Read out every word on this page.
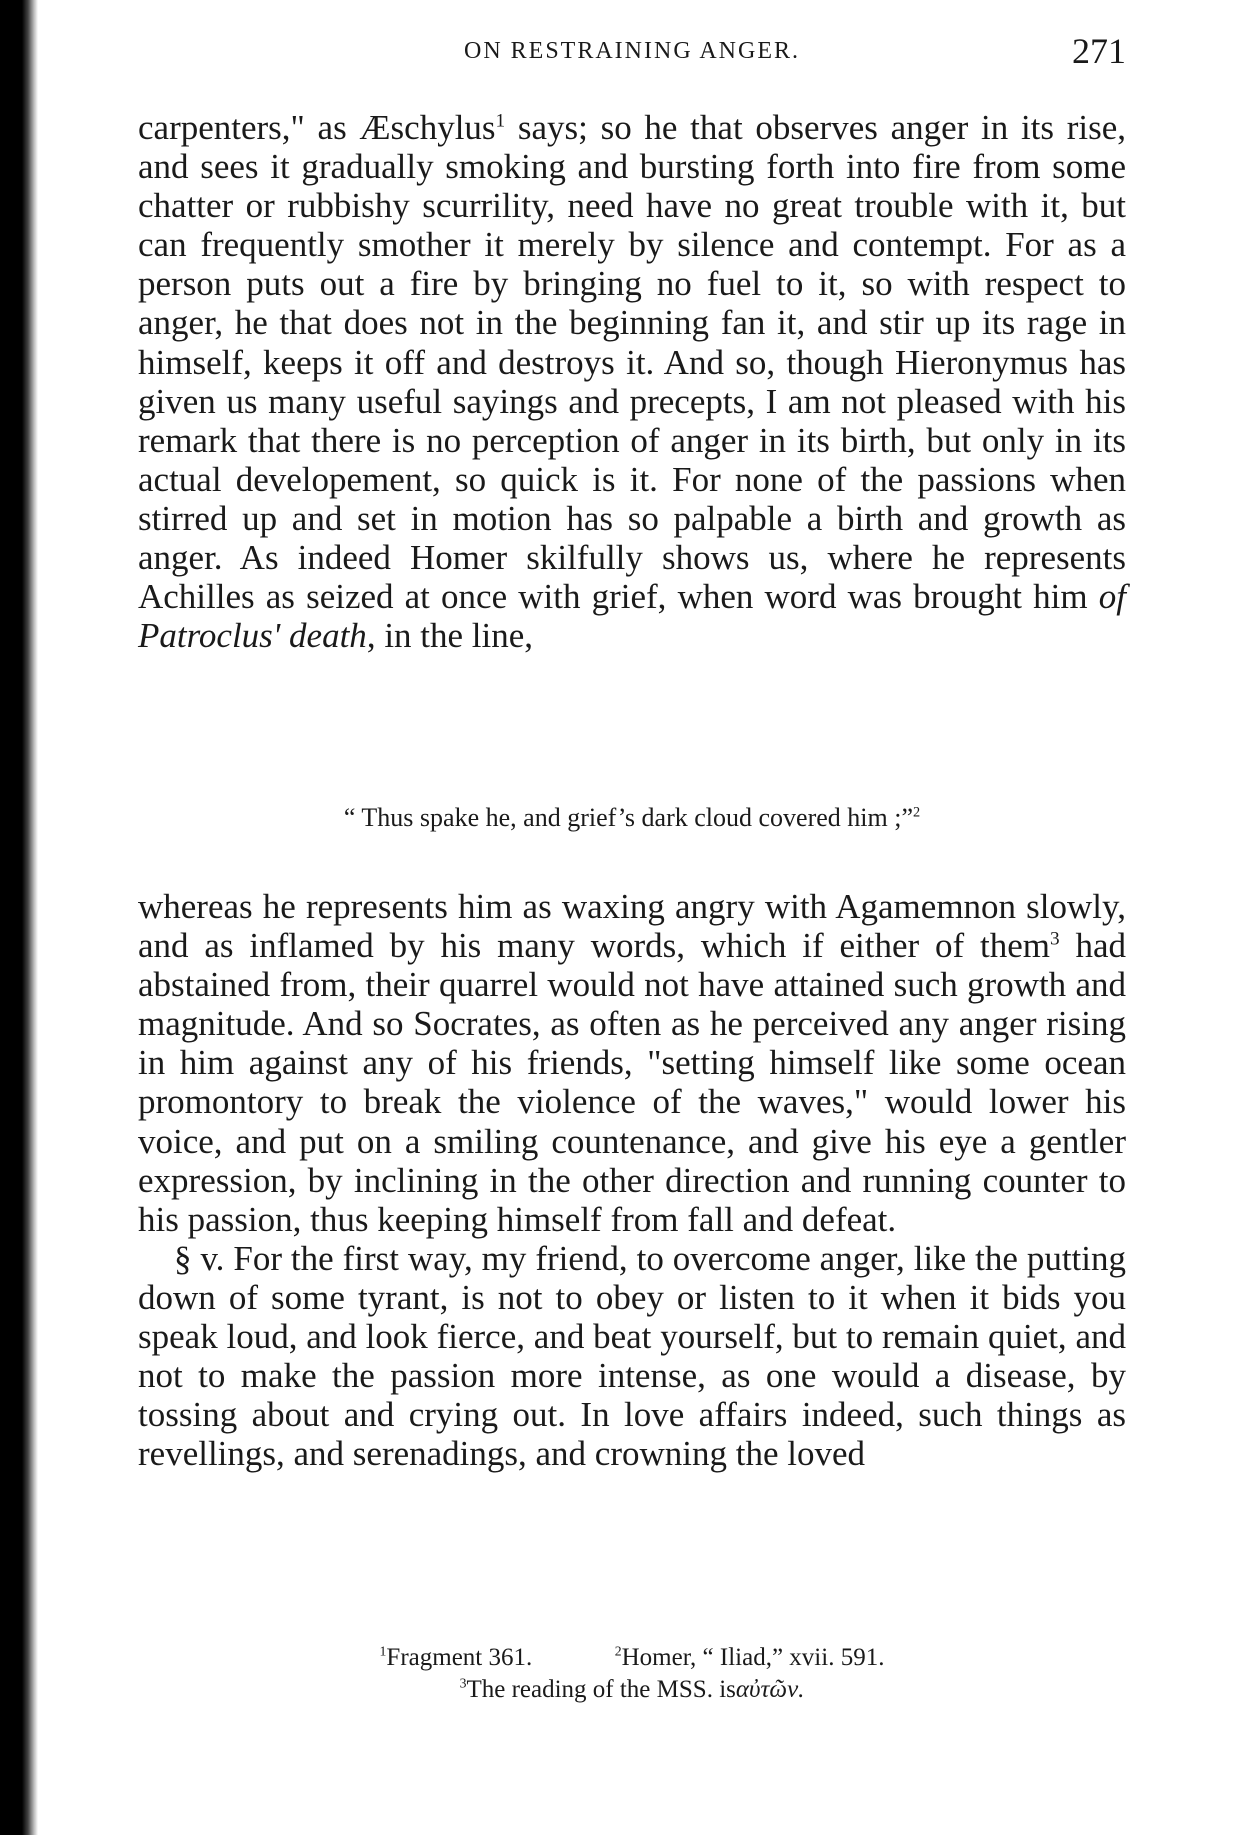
ON RESTRAINING ANGER.	271

carpenters," as Æschylus$^1$ says; so he that observes anger in its rise, and sees it gradually smoking and bursting forth into fire from some chatter or rubbishy scurrility, need have no great trouble with it, but can frequently smother it merely by silence and contempt. For as a person puts out a fire by bringing no fuel to it, so with respect to anger, he that does not in the beginning fan it, and stir up its rage in himself, keeps it off and destroys it. And so, though Hieronymus has given us many useful sayings and precepts, I am not pleased with his remark that there is no perception of anger in its birth, but only in its actual developement, so quick is it. For none of the passions when stirred up and set in motion has so palpable a birth and growth as anger. As indeed Homer skilfully shows us, where he represents Achilles as seized at once with grief, when word was brought him of Patroclus' death, in the line,

“ Thus spake he, and grief’s dark cloud covered him ;”$^2$

whereas he represents him as waxing angry with Agamemnon slowly, and as inflamed by his many words, which if either of them$^3$ had abstained from, their quarrel would not have attained such growth and magnitude. And so Socrates, as often as he perceived any anger rising in him against any of his friends, "setting himself like some ocean promontory to break the violence of the waves," would lower his voice, and put on a smiling countenance, and give his eye a gentler expression, by inclining in the other direction and running counter to his passion, thus keeping himself from fall and defeat.

§ v. For the first way, my friend, to overcome anger, like the putting down of some tyrant, is not to obey or listen to it when it bids you speak loud, and look fierce, and beat yourself, but to remain quiet, and not to make the passion more intense, as one would a disease, by tossing about and crying out. In love affairs indeed, such things as revellings, and serenadings, and crowning the loved

$^1$Fragment 361.	$^2$Homer, “ Iliad,” xvii. 591.
$^3$The reading of the MSS. isαὐτῶν.
